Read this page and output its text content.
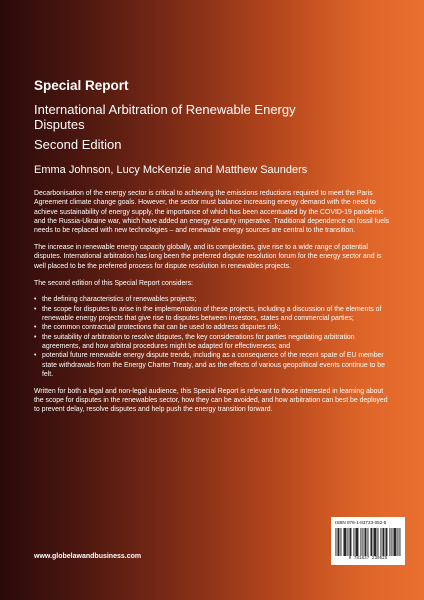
Special Report
International Arbitration of Renewable Energy Disputes
Second Edition
Emma Johnson, Lucy McKenzie and Matthew Saunders

Decarbonisation of the energy sector is critical to achieving the emissions reductions required to meet the Paris Agreement climate change goals. However, the sector must balance increasing energy demand with the need to achieve sustainability of energy supply, the importance of which has been accentuated by the COVID-19 pandemic and the Russia-Ukraine war, which have added an energy security imperative. Traditional dependence on fossil fuels needs to be replaced with new technologies – and renewable energy sources are central to the transition.

The increase in renewable energy capacity globally, and its complexities, give rise to a wide range of potential disputes. International arbitration has long been the preferred dispute resolution forum for the energy sector and is well placed to be the preferred process for dispute resolution in renewables projects.

The second edition of this Special Report considers:

• the defining characteristics of renewables projects;
• the scope for disputes to arise in the implementation of these projects, including a discussion of the elements of renewable energy projects that give rise to disputes between investors, states and commercial parties;
• the common contractual protections that can be used to address disputes risk;
• the suitability of arbitration to resolve disputes, the key considerations for parties negotiating arbitration agreements, and how arbitral procedures might be adapted for effectiveness; and
• potential future renewable energy dispute trends, including as a consequence of the recent spate of EU member state withdrawals from the Energy Charter Treaty, and as the effects of various geopolitical events continue to be felt.

Written for both a legal and non-legal audience, this Special Report is relevant to those interested in learning about the scope for disputes in the renewables sector, how they can be avoided, and how arbitration can best be deployed to prevent delay, resolve disputes and help push the energy transition forward.

ISBN 978-1-83723-052-5
9 781837 230525
www.globelawandbusiness.com
